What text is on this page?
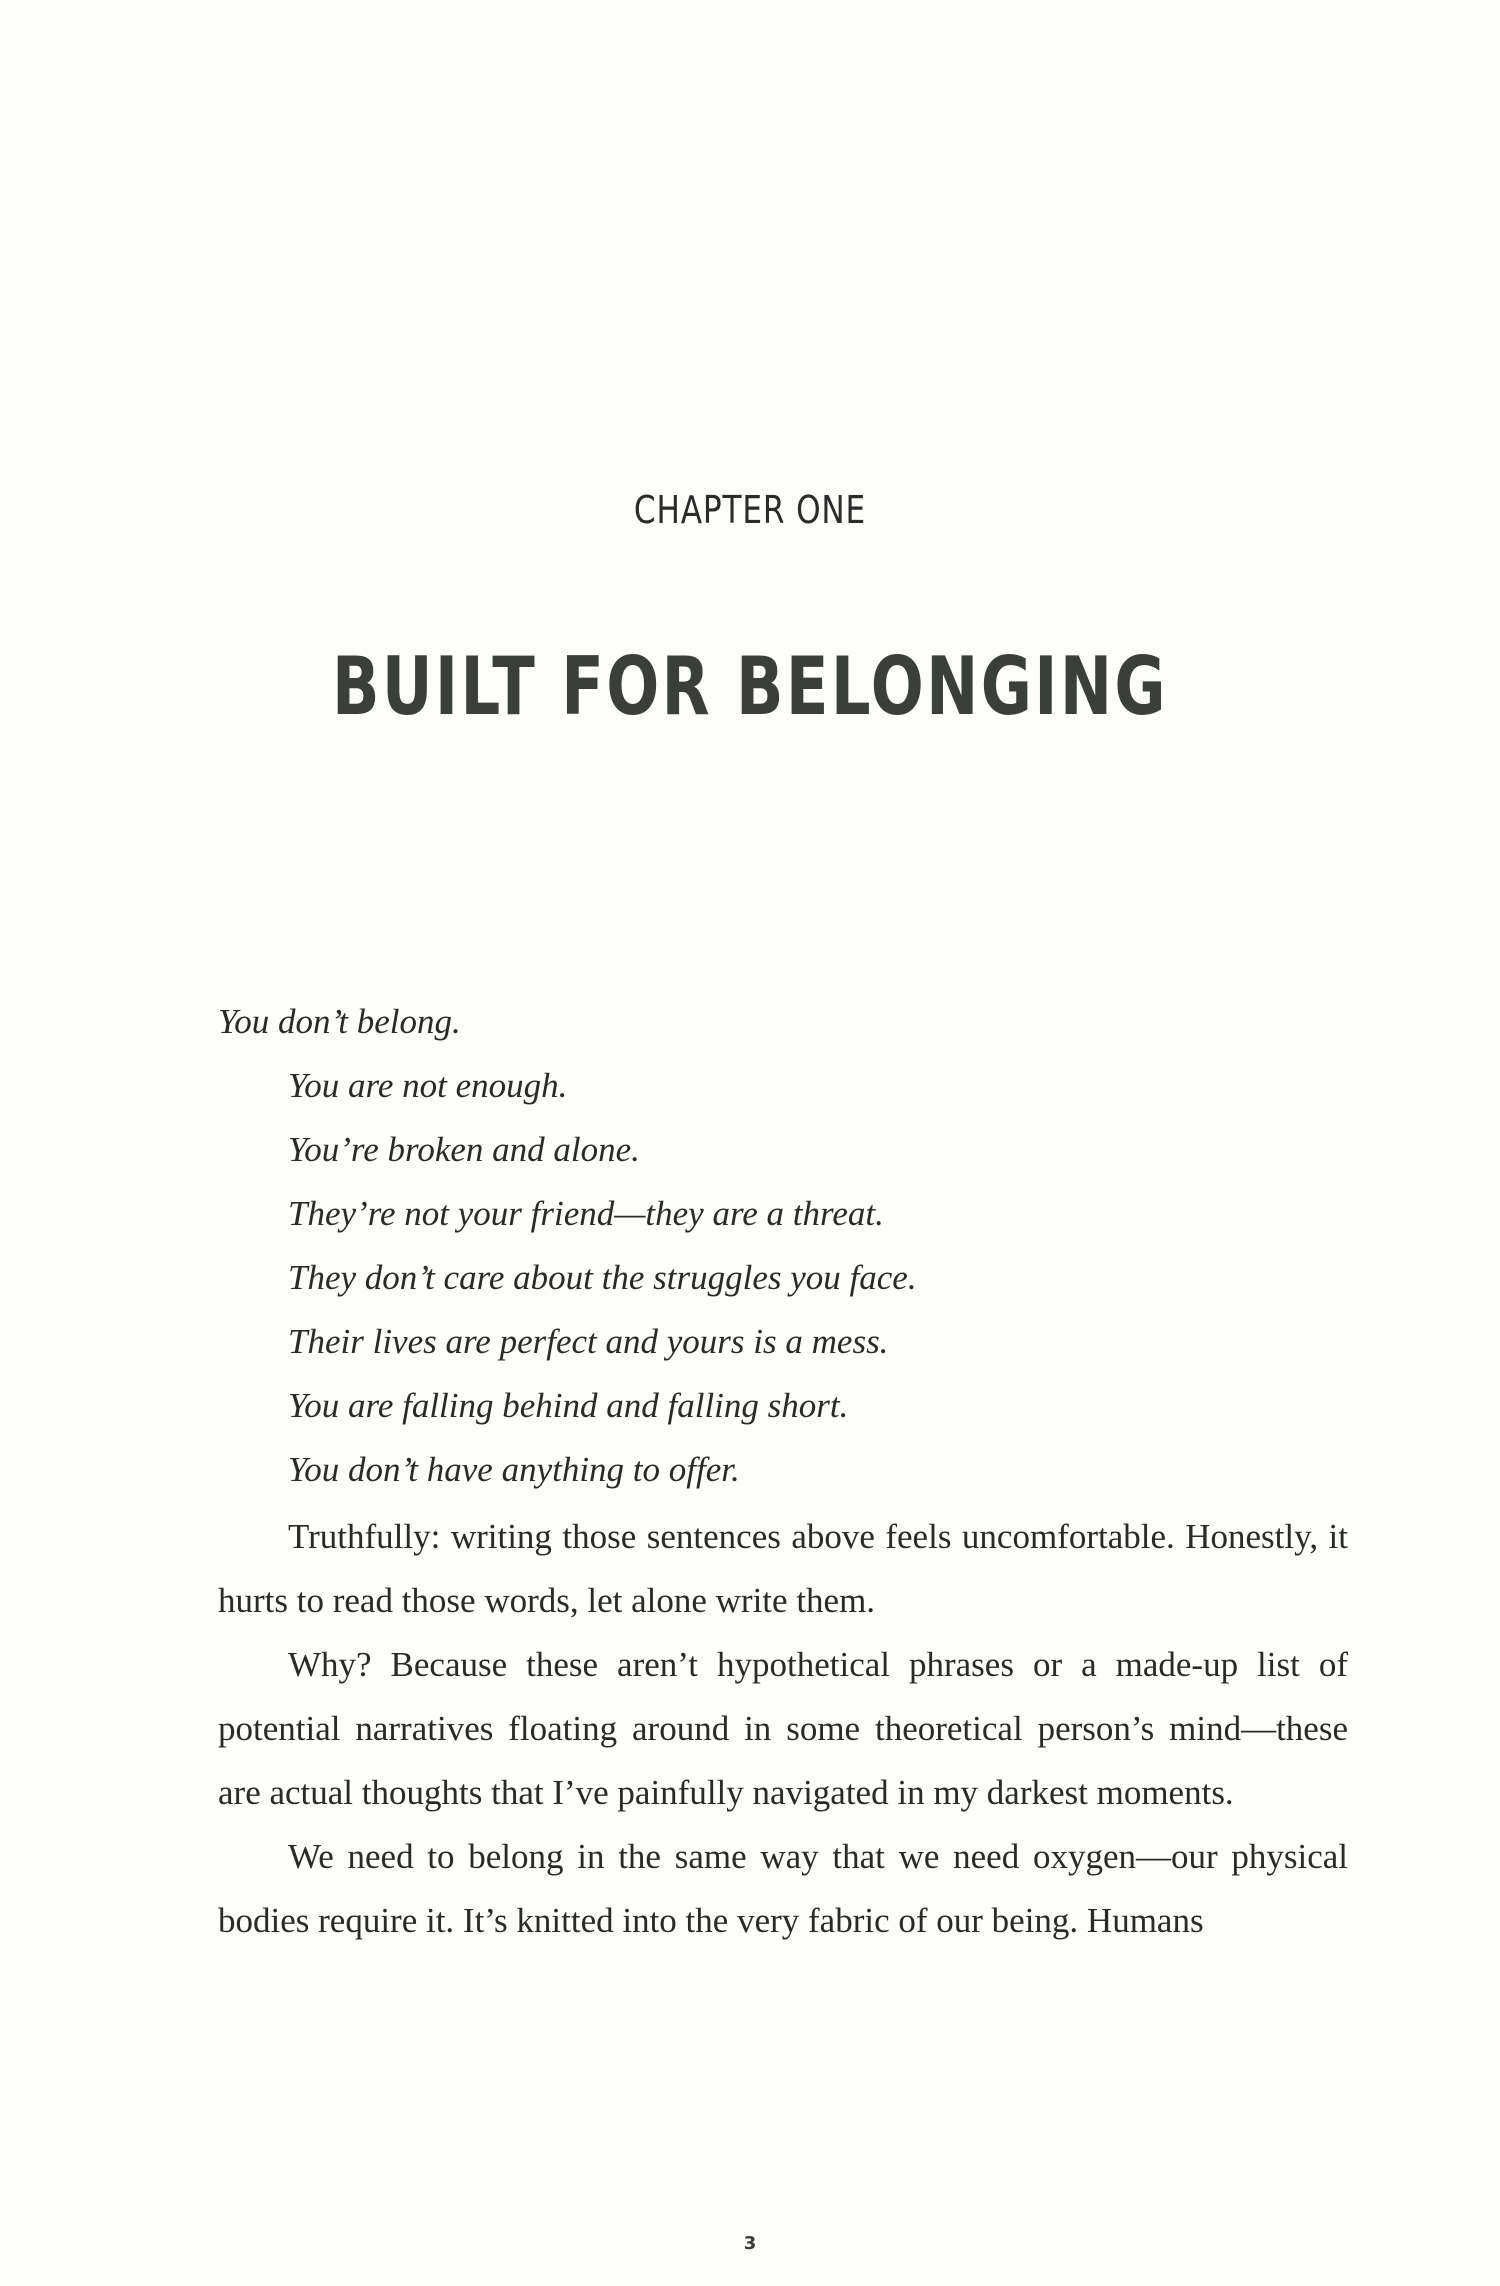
CHAPTER ONE
BUILT FOR BELONGING
You don’t belong.
You are not enough.
You’re broken and alone.
They’re not your friend—they are a threat.
They don’t care about the struggles you face.
Their lives are perfect and yours is a mess.
You are falling behind and falling short.
You don’t have anything to offer.

Truthfully: writing those sentences above feels uncomfortable. Honestly, it hurts to read those words, let alone write them.

Why? Because these aren’t hypothetical phrases or a made-up list of potential narratives floating around in some theoretical person’s mind—these are actual thoughts that I’ve painfully navigated in my darkest moments.

We need to belong in the same way that we need oxygen—our physical bodies require it. It’s knitted into the very fabric of our being. Humans

3
